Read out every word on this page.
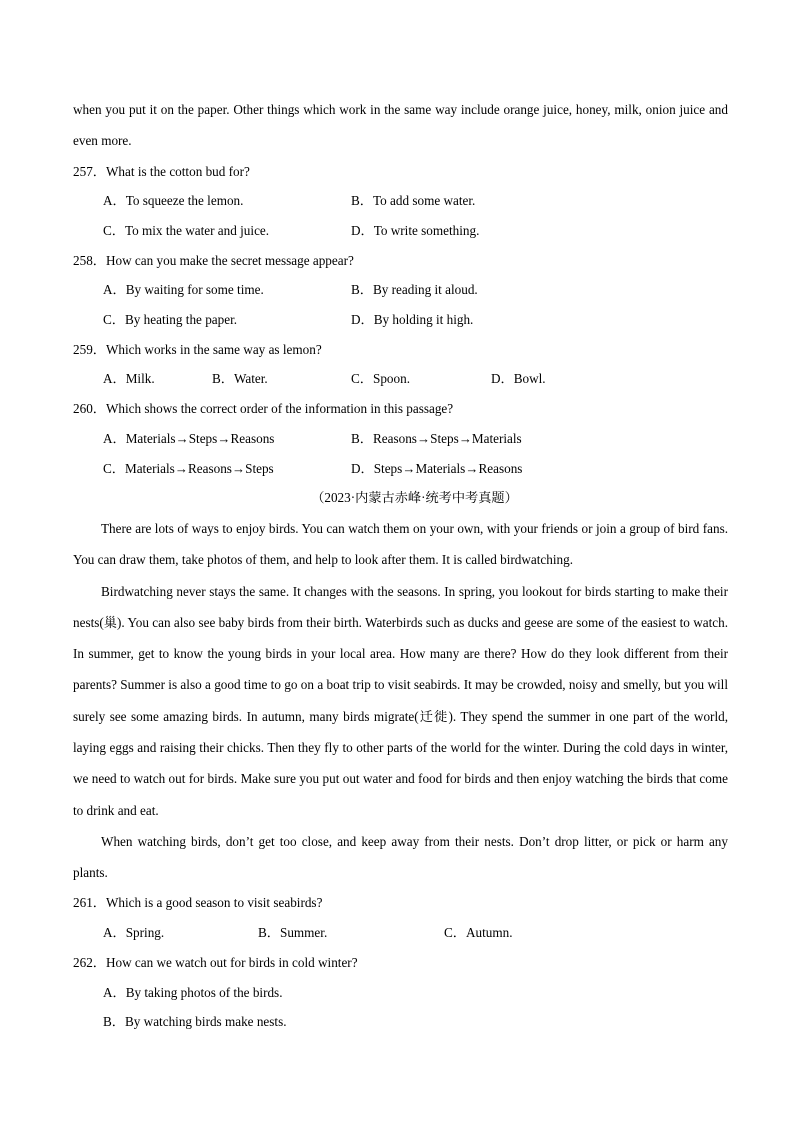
when you put it on the paper. Other things which work in the same way include orange juice, honey, milk, onion juice and even more.

257．What is the cotton bud for?

A．To squeeze the lemon.	B．To add some water.
C．To mix the water and juice.	D．To write something.

258．How can you make the secret message appear?

A．By waiting for some time.	B．By reading it aloud.
C．By heating the paper.	D．By holding it high.

259．Which works in the same way as lemon?

A．Milk.	B．Water.	C．Spoon.	D．Bowl.

260．Which shows the correct order of the information in this passage?

A．Materials→Steps→Reasons	B．Reasons→Steps→Materials
C．Materials→Reasons→Steps	D．Steps→Materials→Reasons

（2023·内蒙古赤峰·统考中考真题）

There are lots of ways to enjoy birds. You can watch them on your own, with your friends or join a group of bird fans. You can draw them, take photos of them, and help to look after them. It is called birdwatching.

Birdwatching never stays the same. It changes with the seasons. In spring, you lookout for birds starting to make their nests(巢). You can also see baby birds from their birth. Waterbirds such as ducks and geese are some of the easiest to watch. In summer, get to know the young birds in your local area. How many are there? How do they look different from their parents? Summer is also a good time to go on a boat trip to visit seabirds. It may be crowded, noisy and smelly, but you will surely see some amazing birds. In autumn, many birds migrate(迁徙). They spend the summer in one part of the world, laying eggs and raising their chicks. Then they fly to other parts of the world for the winter. During the cold days in winter, we need to watch out for birds. Make sure you put out water and food for birds and then enjoy watching the birds that come to drink and eat.

When watching birds, don’t get too close, and keep away from their nests. Don’t drop litter, or pick or harm any plants.

261．Which is a good season to visit seabirds?

A．Spring.	B．Summer.	C．Autumn.

262．How can we watch out for birds in cold winter?

A．By taking photos of the birds.
B．By watching birds make nests.
